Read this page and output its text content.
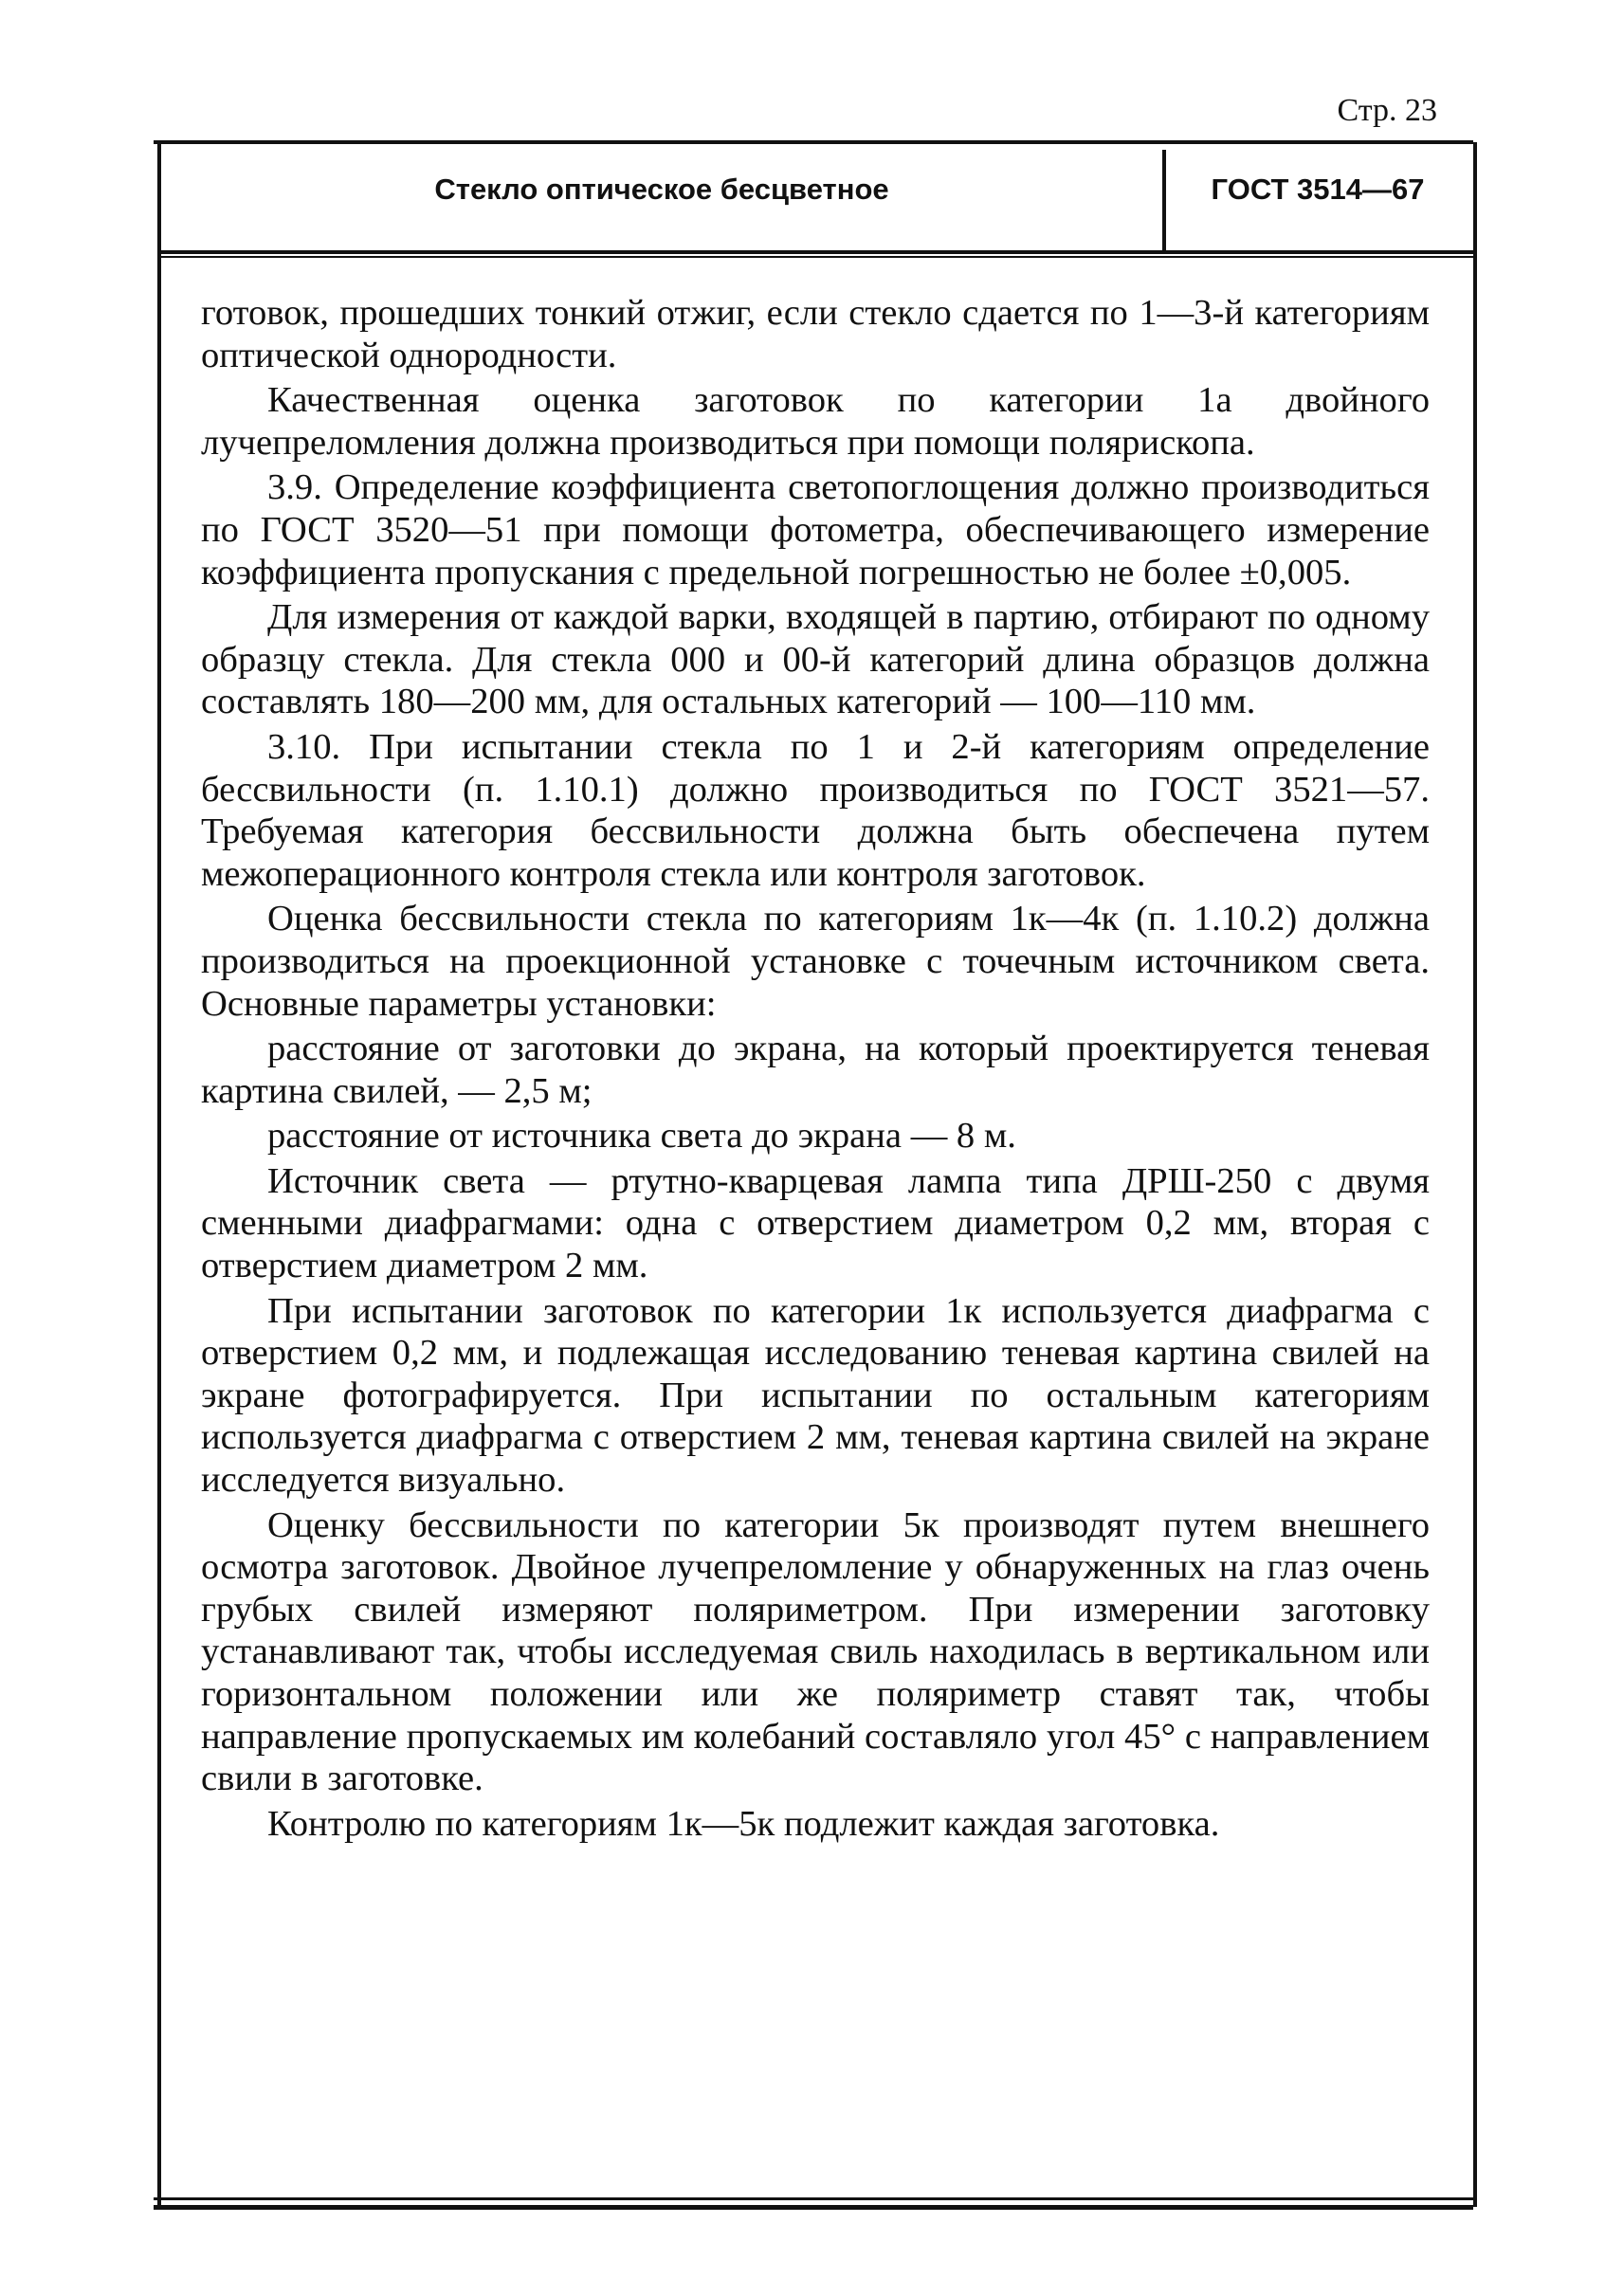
Стр. 23
Стекло оптическое бесцветное	ГОСТ 3514—67

готовок, прошедших тонкий отжиг, если стекло сдается по 1—3-й категориям оптической однородности.

Качественная оценка заготовок по категории 1а двойного лучепреломления должна производиться при помощи полярископа.

3.9. Определение коэффициента светопоглощения должно производиться по ГОСТ 3520—51 при помощи фотометра, обеспечивающего измерение коэффициента пропускания с предельной погрешностью не более ±0,005.

Для измерения от каждой варки, входящей в партию, отбирают по одному образцу стекла. Для стекла 000 и 00-й категорий длина образцов должна составлять 180—200 мм, для остальных категорий — 100—110 мм.

3.10. При испытании стекла по 1 и 2-й категориям определение бессвильности (п. 1.10.1) должно производиться по ГОСТ 3521—57. Требуемая категория бессвильности должна быть обеспечена путем межоперационного контроля стекла или контроля заготовок.

Оценка бессвильности стекла по категориям 1к—4к (п. 1.10.2) должна производиться на проекционной установке с точечным источником света. Основные параметры установки:

расстояние от заготовки до экрана, на который проектируется теневая картина свилей, — 2,5 м;

расстояние от источника света до экрана — 8 м.

Источник света — ртутно-кварцевая лампа типа ДРШ-250 с двумя сменными диафрагмами: одна с отверстием диаметром 0,2 мм, вторая с отверстием диаметром 2 мм.

При испытании заготовок по категории 1к используется диафрагма с отверстием 0,2 мм, и подлежащая исследованию теневая картина свилей на экране фотографируется. При испытании по остальным категориям используется диафрагма с отверстием 2 мм, теневая картина свилей на экране исследуется визуально.

Оценку бессвильности по категории 5к производят путем внешнего осмотра заготовок. Двойное лучепреломление у обнаруженных на глаз очень грубых свилей измеряют поляриметром. При измерении заготовку устанавливают так, чтобы исследуемая свиль находилась в вертикальном или горизонтальном положении или же поляриметр ставят так, чтобы направление пропускаемых им колебаний составляло угол 45° с направлением свили в заготовке.

Контролю по категориям 1к—5к подлежит каждая заготовка.
